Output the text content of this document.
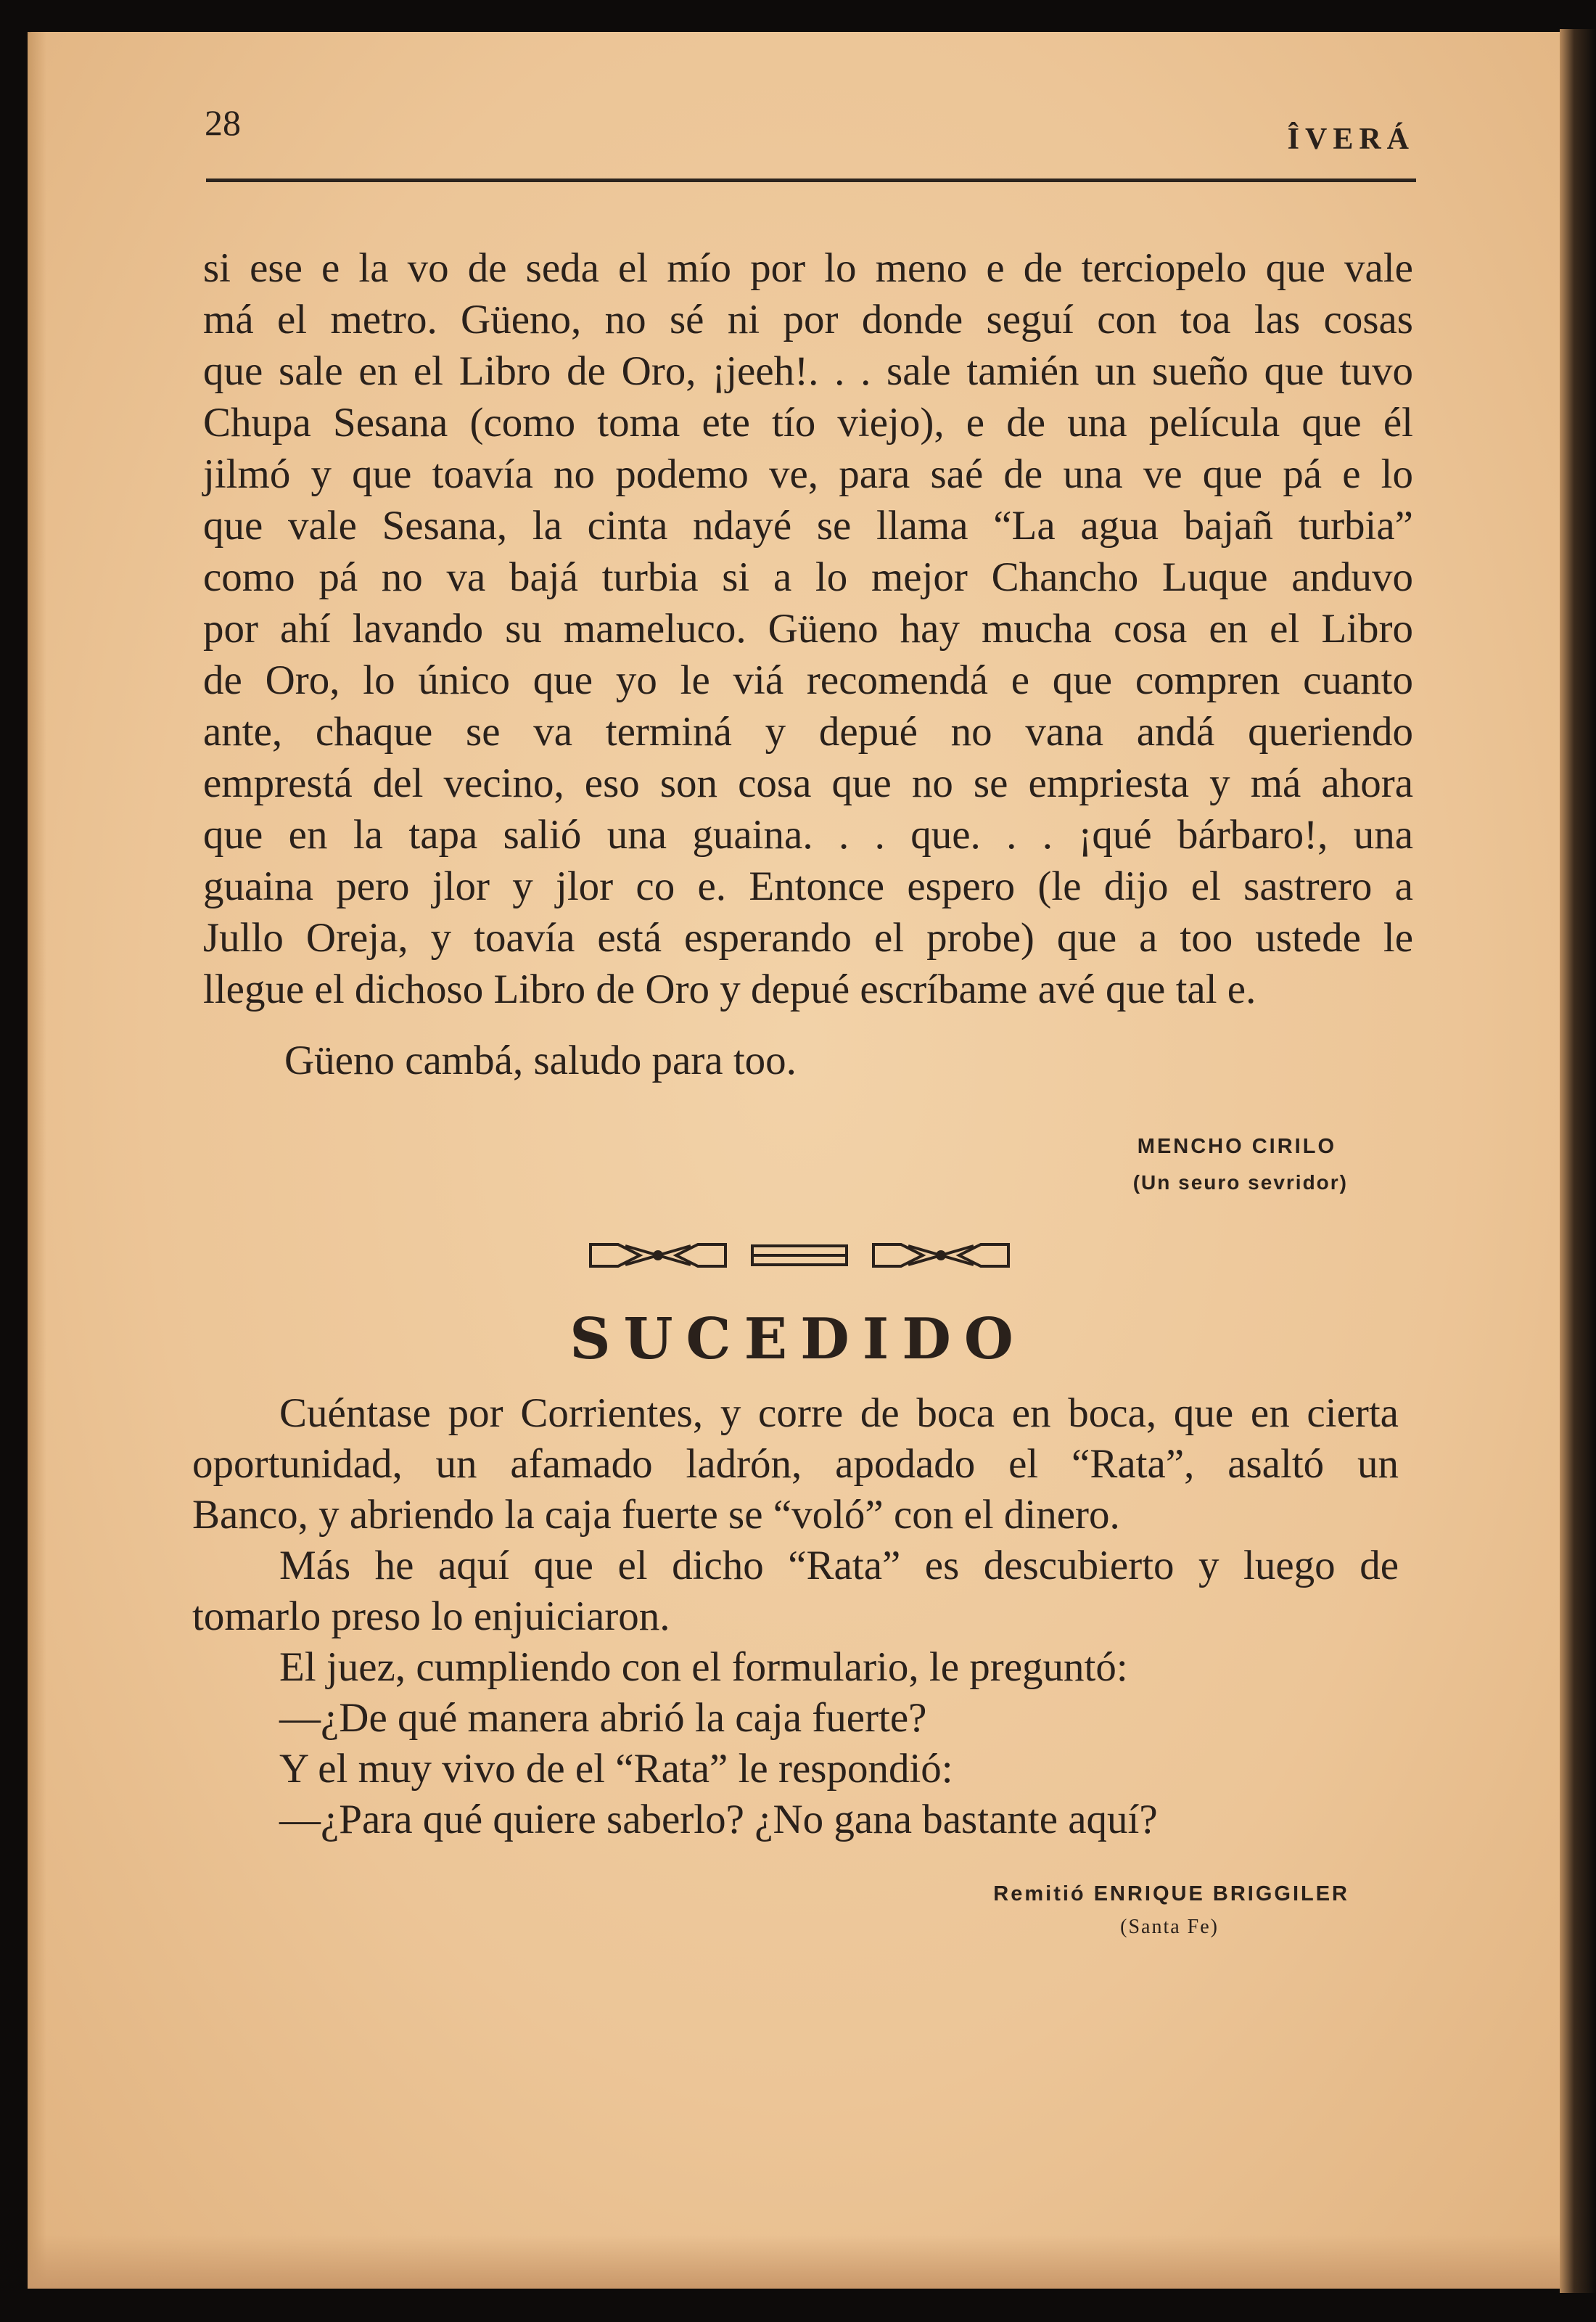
28	ÎVERÁ
si ese e la vo de seda el mío por lo meno e de terciopelo que vale
má el metro. Güeno, no sé ni por donde seguí con toa las cosas
que sale en el Libro de Oro, ¡jeeh!. . . sale tamién un sueño que tuvo
Chupa Sesana (como toma ete tío viejo), e de una película que él
jilmó y que toavía no podemo ve, para saé de una ve que pá e lo
que vale Sesana, la cinta ndayé se llama “La agua bajañ turbia”
como pá no va bajá turbia si a lo mejor Chancho Luque anduvo
por ahí lavando su mameluco. Güeno hay mucha cosa en el Libro
de Oro, lo único que yo le viá recomendá e que compren cuanto
ante, chaque se va terminá y depué no vana andá queriendo
emprestá del vecino, eso son cosa que no se empriesta y má ahora
que en la tapa salió una guaina. . . que. . . ¡qué bárbaro!, una
guaina pero jlor y jlor co e. Entonce espero (le dijo el sastrero a
Jullo Oreja, y toavía está esperando el probe) que a too ustede le
llegue el dichoso Libro de Oro y depué escríbame avé que tal e.
Güeno cambá, saludo para too.
MENCHO CIRILO
(Un seuro sevridor)
SUCEDIDO
Cuéntase por Corrientes, y corre de boca en boca, que en cierta
oportunidad, un afamado ladrón, apodado el “Rata”, asaltó un
Banco, y abriendo la caja fuerte se “voló” con el dinero.
Más he aquí que el dicho “Rata” es descubierto y luego de
tomarlo preso lo enjuiciaron.
El juez, cumpliendo con el formulario, le preguntó:
—¿De qué manera abrió la caja fuerte?
Y el muy vivo de el “Rata” le respondió:
—¿Para qué quiere saberlo? ¿No gana bastante aquí?
Remitió ENRIQUE BRIGGILER
(Santa Fe)
